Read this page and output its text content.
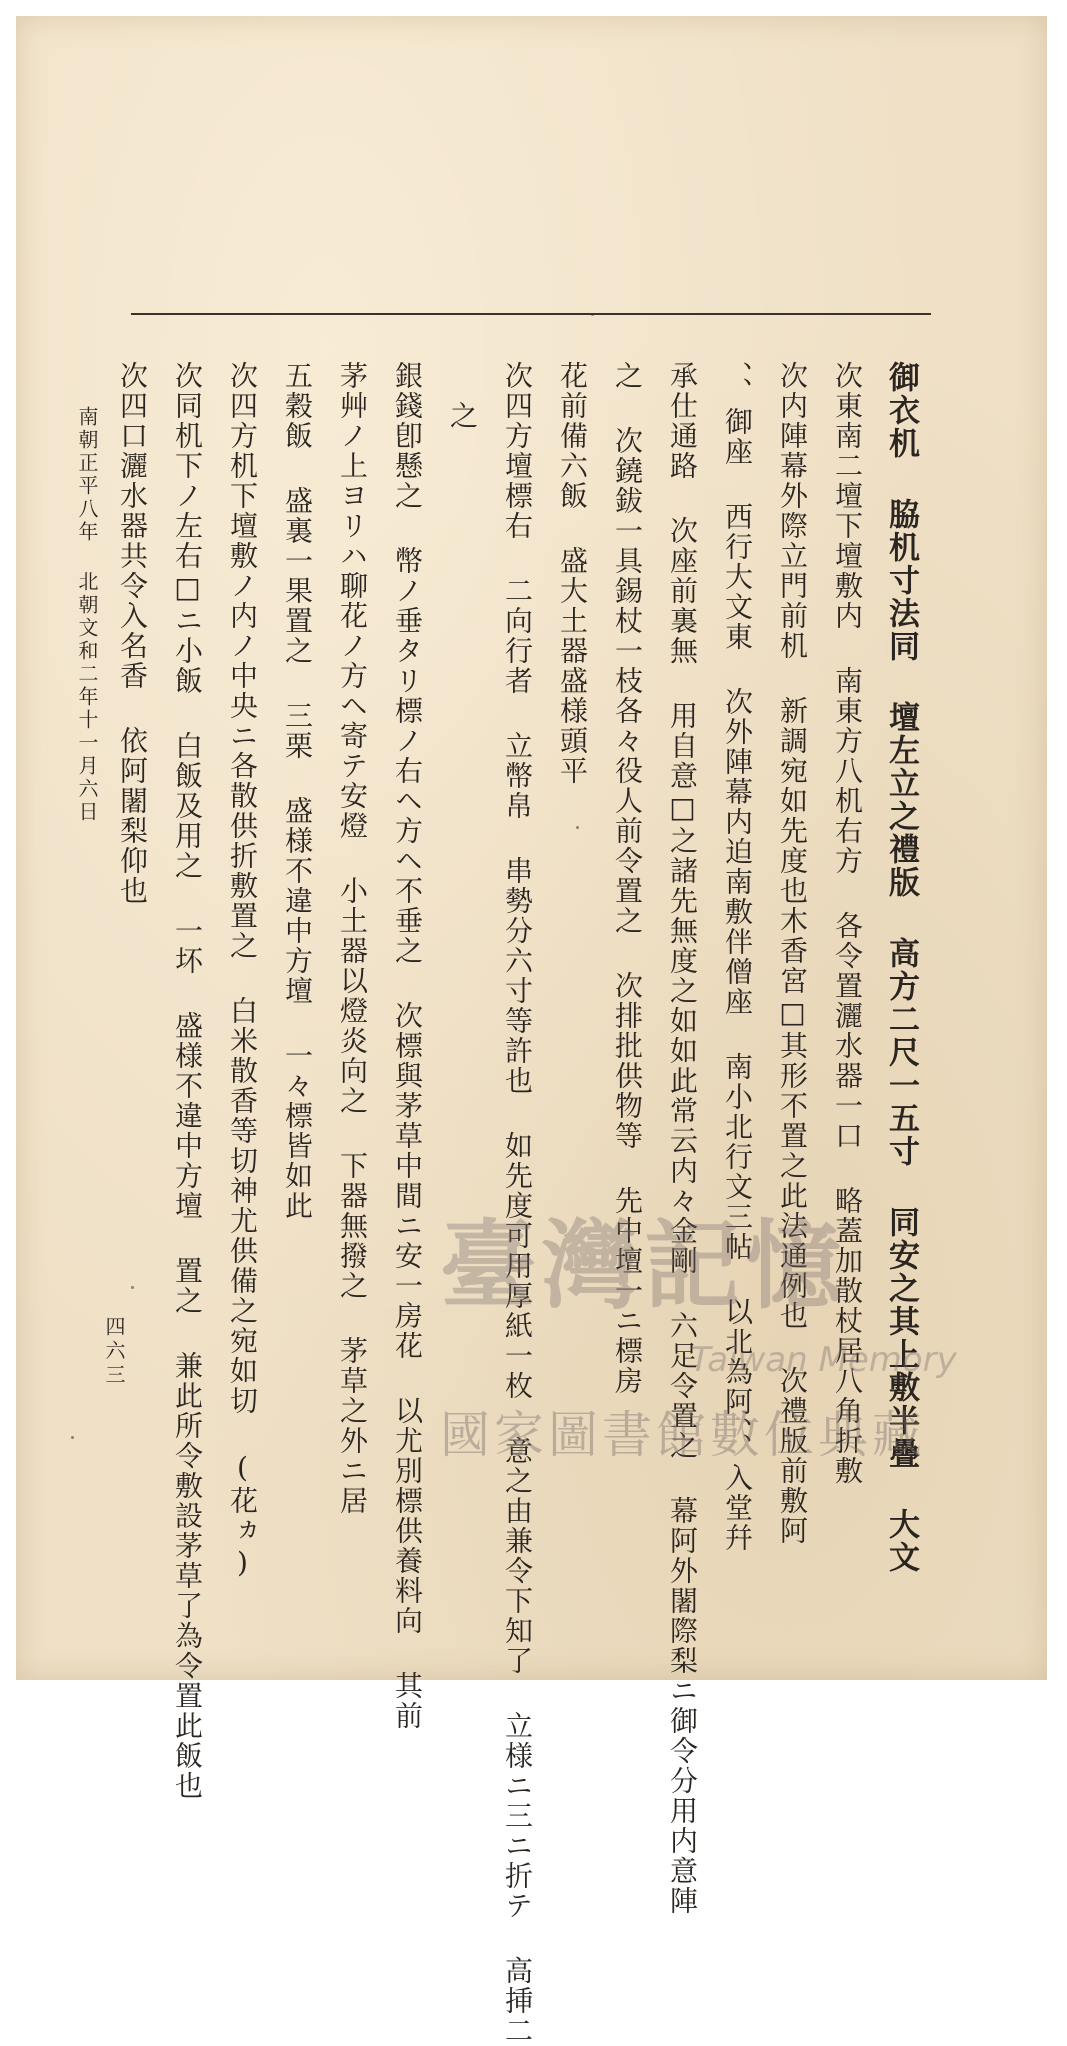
御衣机 脇机寸法同 壇左立之禮版 高方二尺一五寸 同安之其上敷半疊 大文
次東南二壇下壇敷内 南東方八机右方 各令置灑水器一口 略蓋加散杖居八角折敷
次内陣幕外際立門前机 新調宛如先度也木香宮□其形不置之此法通例也 次禮版前敷阿
、、御座 西行大文東 次外陣幕内迫南敷伴僧座 南小北行文三帖 以北為阿、、入堂幷
承仕通路 次座前裏無 用自意□之諸先無度之如如此常云内々金剛 六足令置之 幕阿外闍際梨ニ御令分用内意陣
之 次鐃鈸一具錫杖一枝各々役人前令置之 次排批供物等 先中壇一ニ標房
花前備六飯 盛大土器盛様頭平
次四方壇標右 二向行者 立幣帛 串勢分六寸等許也 如先度可用厚紙一枚 意之由兼令下知了 立様ニ三ニ折テ 高挿二
之
銀錢卽懸之 幣ノ垂タリ標ノ右ヘ方ヘ不垂之 次標與茅草中間ニ安一房花 以尤別標供養料向 其前
茅艸ノ上ヨリハ聊花ノ方ヘ寄テ安燈 小土器以燈炎向之 下器無撥之 茅草之外ニ居
五穀飯 盛裏一果置之 三栗 盛様不違中方壇 一々標皆如此
次四方机下壇敷ノ内ノ中央ニ各散供折敷置之 白米散香等切神尤供備之宛如切 (花ヵ)
次同机下ノ左右□ニ小飯 白飯及用之 一坏 盛様不違中方壇 置之 兼此所令敷設茅草了為令置此飯也
次四口灑水器共令入名香 依阿闍梨仰也
南朝正平八年 北朝文和二年十一月六日
四六三
臺灣記憶
Taiwan Memory
國家圖書館數位典藏
